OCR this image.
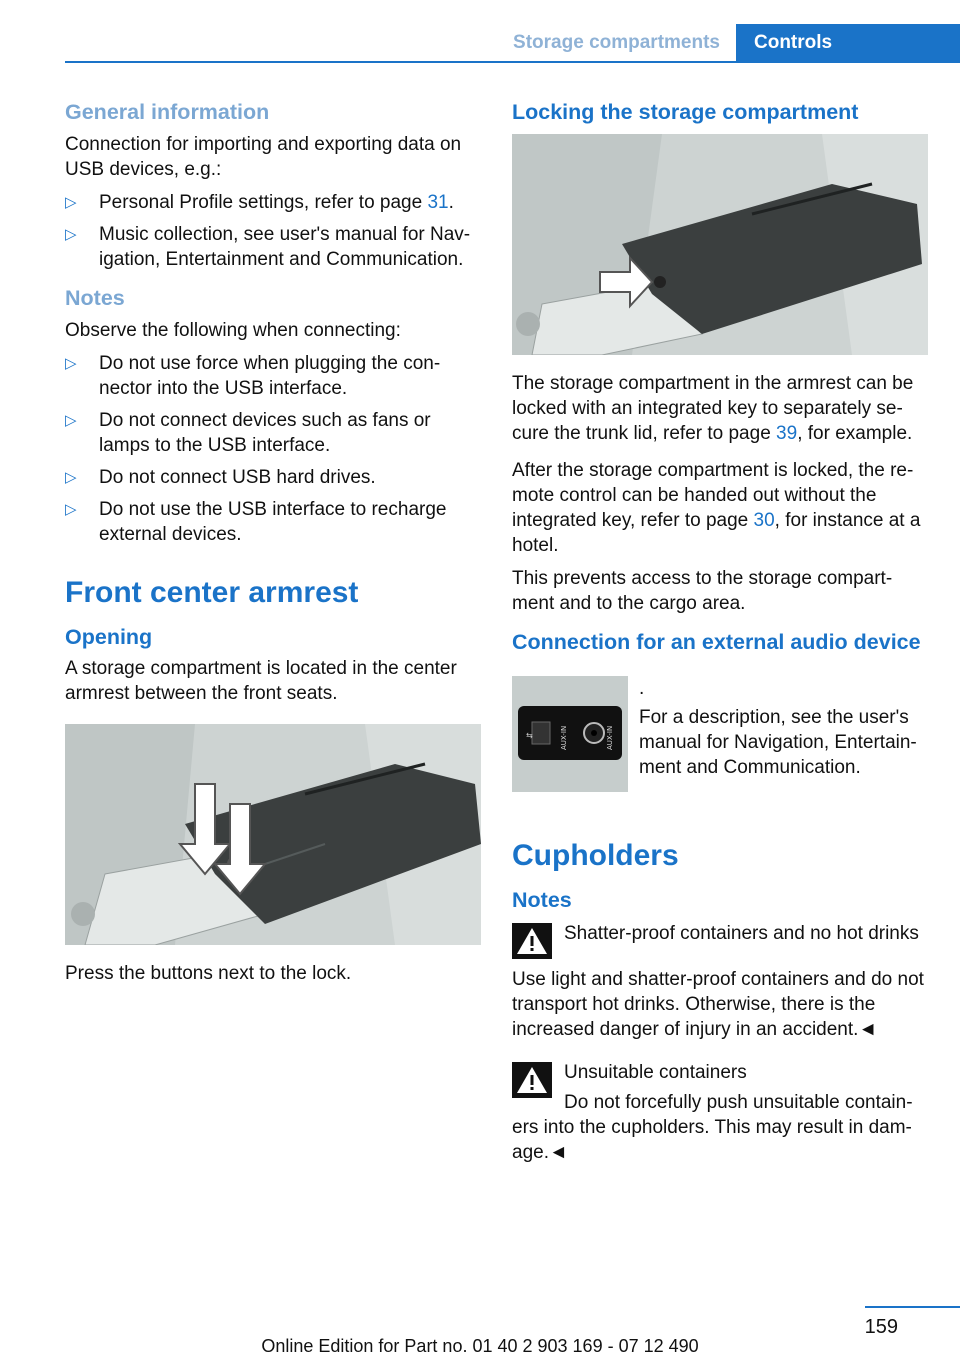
Storage compartments	Controls
General information

Connection for importing and exporting data on USB devices, e.g.:

▷ Personal Profile settings, refer to page 31.
▷ Music collection, see user's manual for Nav-igation, Entertainment and Communication.
Notes

Observe the following when connecting:

▷ Do not use force when plugging the con-nector into the USB interface.
▷ Do not connect devices such as fans or lamps to the USB interface.
▷ Do not connect USB hard drives.
▷ Do not use the USB interface to recharge external devices.
Front center armrest
Opening

A storage compartment is located in the center armrest between the front seats.

Press the buttons next to the lock.

Locking the storage compartment

The storage compartment in the armrest can be locked with an integrated key to separately se-cure the trunk lid, refer to page 39, for example.

After the storage compartment is locked, the re-mote control can be handed out without the integrated key, refer to page 30, for instance at a hotel.

This prevents access to the storage compart-ment and to the cargo area.

Connection for an external audio device
⇆	AUX-IN	AUX-IN

.

For a description, see the user's manual for Navigation, Entertain-ment and Communication.

Cupholders
Notes

Shatter-proof containers and no hot drinks

Use light and shatter-proof containers and do not transport hot drinks. Otherwise, there is the increased danger of injury in an accident.◄

Unsuitable containers

Do not forcefully push unsuitable contain-ers into the cupholders. This may result in dam-age.◄

159
Online Edition for Part no. 01 40 2 903 169 - 07 12 490
